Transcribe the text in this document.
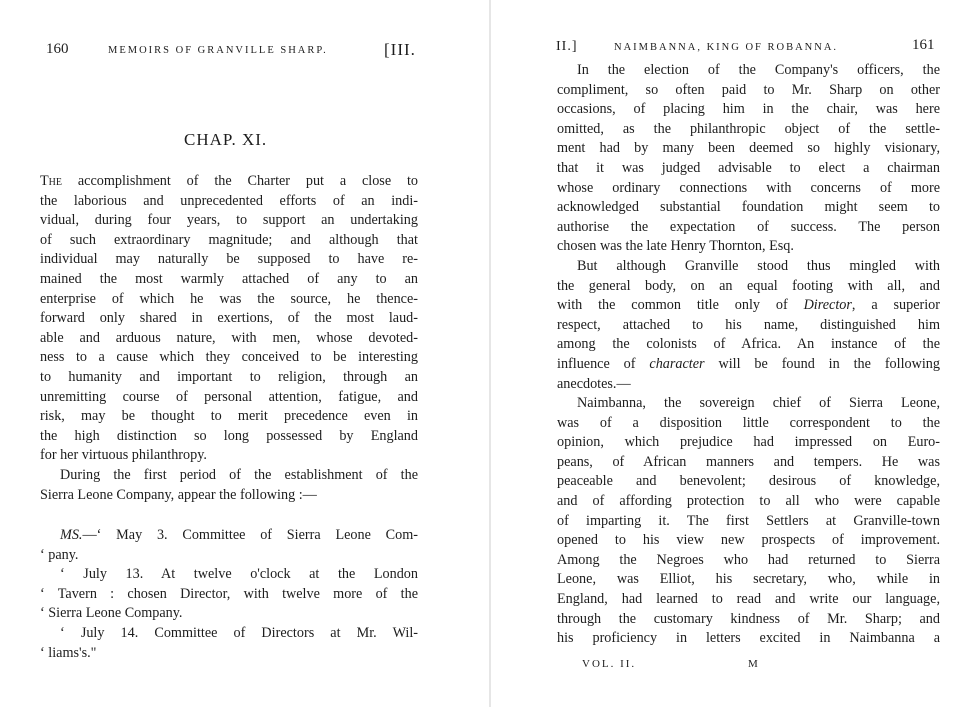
160	MEMOIRS OF GRANVILLE SHARP.	[III.
CHAP. XI.
The accomplishment of the Charter put a close to
the laborious and unprecedented efforts of an indi-
vidual, during four years, to support an undertaking
of such extraordinary magnitude; and although that
individual may naturally be supposed to have re-
mained the most warmly attached of any to an
enterprise of which he was the source, he thence-
forward only shared in exertions, of the most laud-
able and arduous nature, with men, whose devoted-
ness to a cause which they conceived to be interesting
to humanity and important to religion, through an
unremitting course of personal attention, fatigue, and
risk, may be thought to merit precedence even in
the high distinction so long possessed by England
for her virtuous philanthropy.
During the first period of the establishment of the
Sierra Leone Company, appear the following :—
MS.—‘ May 3. Committee of Sierra Leone Com-
‘ pany.
‘ July 13. At twelve o'clock at the London
‘ Tavern : chosen Director, with twelve more of the
‘ Sierra Leone Company.
‘ July 14. Committee of Directors at Mr. Wil-
‘ liams's."
II.]	NAIMBANNA, KING OF ROBANNA.	161
In the election of the Company's officers, the
compliment, so often paid to Mr. Sharp on other
occasions, of placing him in the chair, was here
omitted, as the philanthropic object of the settle-
ment had by many been deemed so highly visionary,
that it was judged advisable to elect a chairman
whose ordinary connections with concerns of more
acknowledged substantial foundation might seem to
authorise the expectation of success. The person
chosen was the late Henry Thornton, Esq.
But although Granville stood thus mingled with
the general body, on an equal footing with all, and
with the common title only of Director, a superior
respect, attached to his name, distinguished him
among the colonists of Africa. An instance of the
influence of character will be found in the following
anecdotes.—
Naimbanna, the sovereign chief of Sierra Leone,
was of a disposition little correspondent to the
opinion, which prejudice had impressed on Euro-
peans, of African manners and tempers. He was
peaceable and benevolent; desirous of knowledge,
and of affording protection to all who were capable
of imparting it. The first Settlers at Granville-town
opened to his view new prospects of improvement.
Among the Negroes who had returned to Sierra
Leone, was Elliot, his secretary, who, while in
England, had learned to read and write our language,
through the customary kindness of Mr. Sharp; and
his proficiency in letters excited in Naimbanna a
VOL. II.	M
